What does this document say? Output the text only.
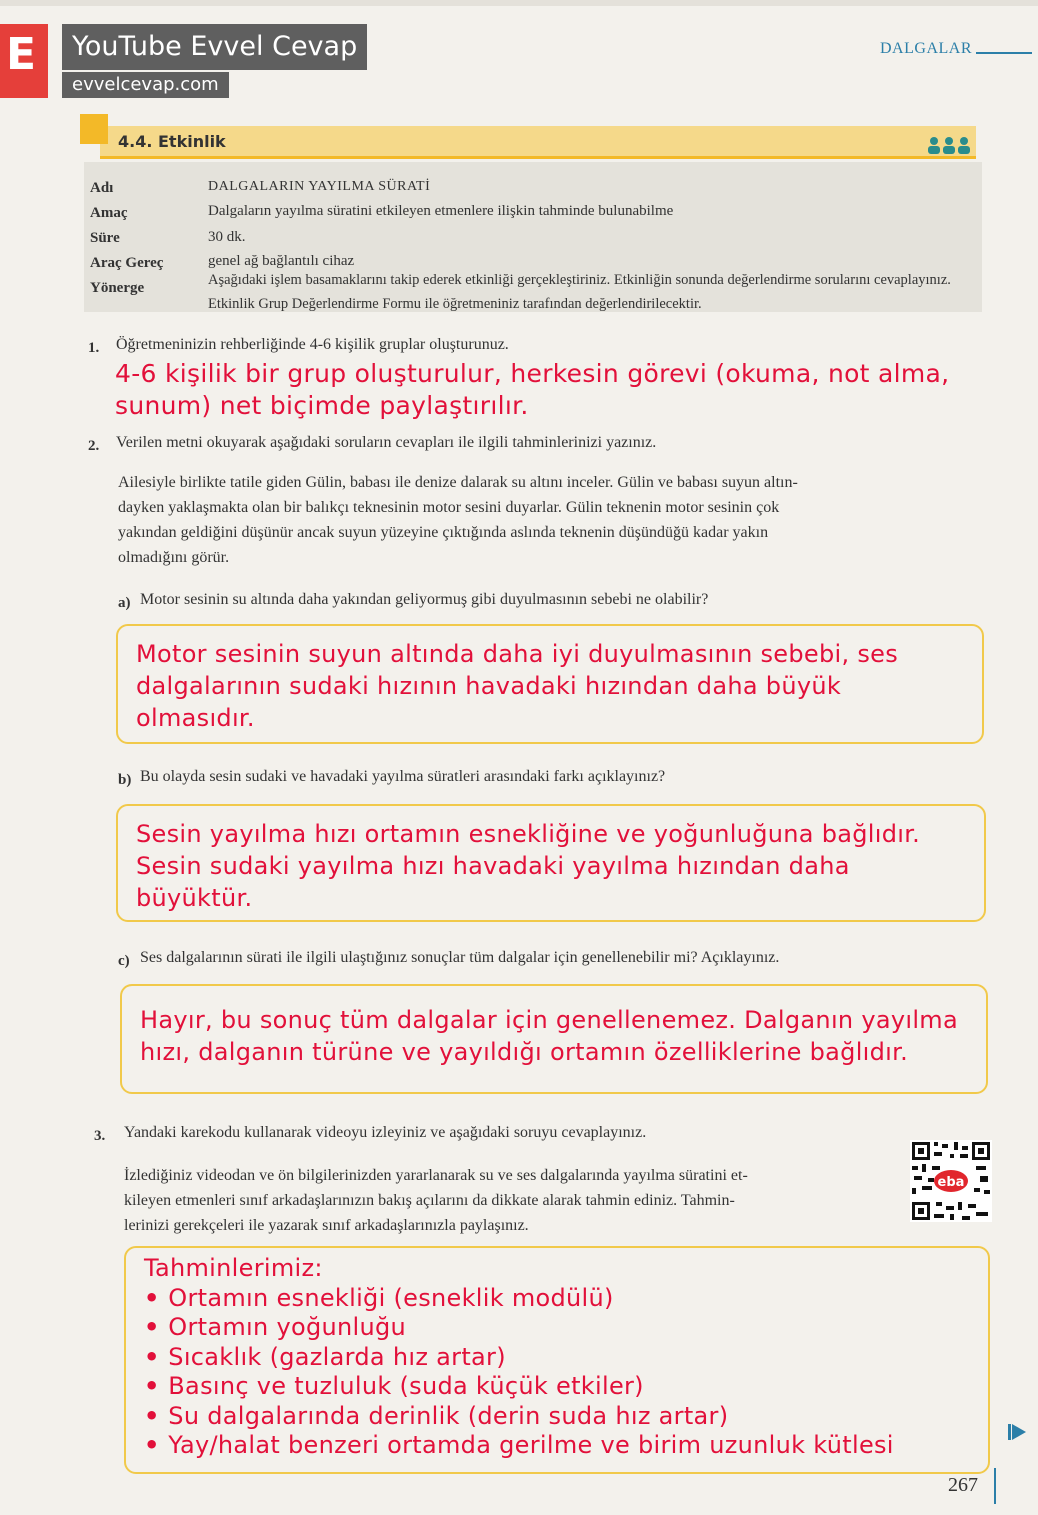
E	YouTube Evvel Cevap
evvelcevap.com
DALGALAR
4.4. Etkinlik
Adı	DALGALARIN YAYILMA SÜRATİ
Amaç	Dalgaların yayılma süratini etkileyen etmenlere ilişkin tahminde bulunabilme
Süre	30 dk.
Araç Gereç	genel ağ bağlantılı cihaz
Yönerge	Aşağıdaki işlem basamaklarını takip ederek etkinliği gerçekleştiriniz. Etkinliğin sonunda değerlendirme sorularını cevaplayınız. Etkinlik Grup Değerlendirme Formu ile öğretmeniniz tarafından değerlendirilecektir.
1. Öğretmeninizin rehberliğinde 4-6 kişilik gruplar oluşturunuz.
4-6 kişilik bir grup oluşturulur, herkesin görevi (okuma, not alma,
sunum) net biçimde paylaştırılır.
2. Verilen metni okuyarak aşağıdaki soruların cevapları ile ilgili tahminlerinizi yazınız.
Ailesiyle birlikte tatile giden Gülin, babası ile denize dalarak su altını inceler. Gülin ve babası suyun altın-
dayken yaklaşmakta olan bir balıkçı teknesinin motor sesini duyarlar. Gülin teknenin motor sesinin çok
yakından geldiğini düşünür ancak suyun yüzeyine çıktığında aslında teknenin düşündüğü kadar yakın
olmadığını görür.
a) Motor sesinin su altında daha yakından geliyormuş gibi duyulmasının sebebi ne olabilir?
Motor sesinin suyun altında daha iyi duyulmasının sebebi, ses
dalgalarının sudaki hızının havadaki hızından daha büyük
olmasıdır.
b) Bu olayda sesin sudaki ve havadaki yayılma süratleri arasındaki farkı açıklayınız?
Sesin yayılma hızı ortamın esnekliğine ve yoğunluğuna bağlıdır.
Sesin sudaki yayılma hızı havadaki yayılma hızından daha
büyüktür.
c) Ses dalgalarının sürati ile ilgili ulaştığınız sonuçlar tüm dalgalar için genellenebilir mi? Açıklayınız.
Hayır, bu sonuç tüm dalgalar için genellenemez. Dalganın yayılma
hızı, dalganın türüne ve yayıldığı ortamın özelliklerine bağlıdır.
3. Yandaki karekodu kullanarak videoyu izleyiniz ve aşağıdaki soruyu cevaplayınız.
İzlediğiniz videodan ve ön bilgilerinizden yararlanarak su ve ses dalgalarında yayılma süratini et-
kileyen etmenleri sınıf arkadaşlarınızın bakış açılarını da dikkate alarak tahmin ediniz. Tahmin-
lerinizi gerekçeleri ile yazarak sınıf arkadaşlarınızla paylaşınız.
eba
Tahminlerimiz:
• Ortamın esnekliği (esneklik modülü)
• Ortamın yoğunluğu
• Sıcaklık (gazlarda hız artar)
• Basınç ve tuzluluk (suda küçük etkiler)
• Su dalgalarında derinlik (derin suda hız artar)
• Yay/halat benzeri ortamda gerilme ve birim uzunluk kütlesi
267
